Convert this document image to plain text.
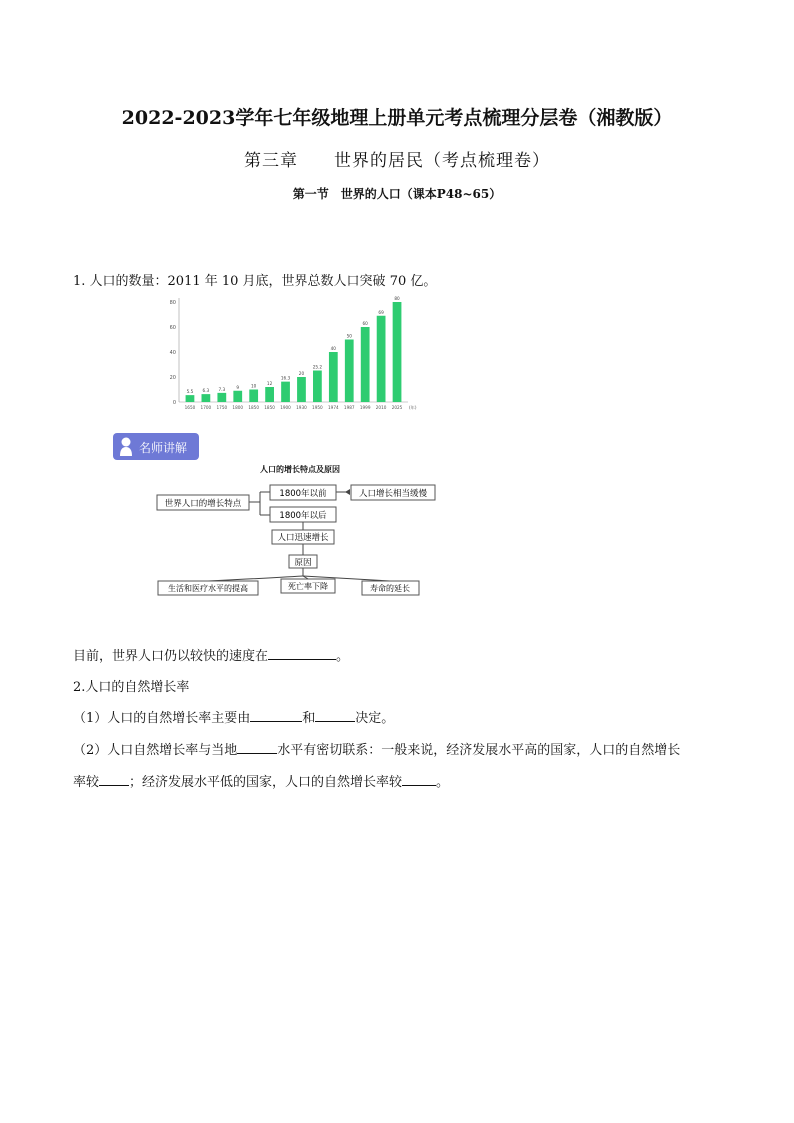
2022-2023学年七年级地理上册单元考点梳理分层卷（湘教版）
第三章 世界的居民（考点梳理卷）
第一节　世界的人口（课本P48~65）
1. 人口的数量：2011 年 10 月底，世界总数人口突破 70 亿。
0
20
40
60
80
5.5
1650
6.3
1700
7.3
1750
9
1800
10
1850
12
1850
16.3
1900
20
1930
25.2
1950
40
1974
50
1987
60
1999
69
2010
80
2025 (年)
名师讲解
人口的增长特点及原因
世界人口的增长特点
1800年以前	人口增长相当缓慢
1800年以后
人口迅速增长
原因
生活和医疗水平的提高	死亡率下降	寿命的延长
目前，世界人口仍以较快的速度在	。
2.人口的自然增长率
（1）人口的自然增长率主要由	和	决定。
（2）人口自然增长率与当地	水平有密切联系：一般来说，经济发展水平高的国家，人口的自然增长
率较 ；经济发展水平低的国家，人口的自然增长率较	。
